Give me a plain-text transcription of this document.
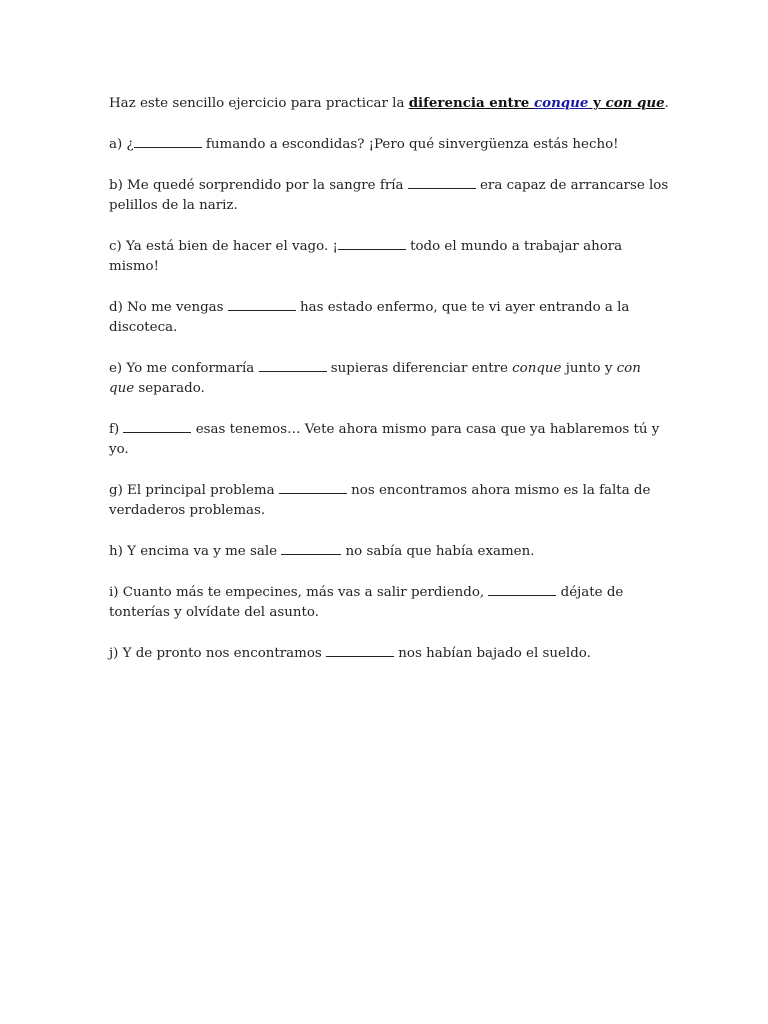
Haz este sencillo ejercicio para practicar la diferencia entre conque y con que.

a) ¿	fumando a escondidas? ¡Pero qué sinvergüenza estás hecho!

b) Me quedé sorprendido por la sangre fría	era capaz de arrancarse los pelillos de la nariz.

c) Ya está bien de hacer el vago. ¡	todo el mundo a trabajar ahora mismo!

d) No me vengas	has estado enfermo, que te vi ayer entrando a la discoteca.

e) Yo me conformaría	supieras diferenciar entre conque junto y con que separado.

f)	esas tenemos… Vete ahora mismo para casa que ya hablaremos tú y yo.

g) El principal problema	nos encontramos ahora mismo es la falta de verdaderos problemas.

h) Y encima va y me sale	no sabía que había examen.

i) Cuanto más te empecines, más vas a salir perdiendo,	déjate de tonterías y olvídate del asunto.

j) Y de pronto nos encontramos	nos habían bajado el sueldo.
